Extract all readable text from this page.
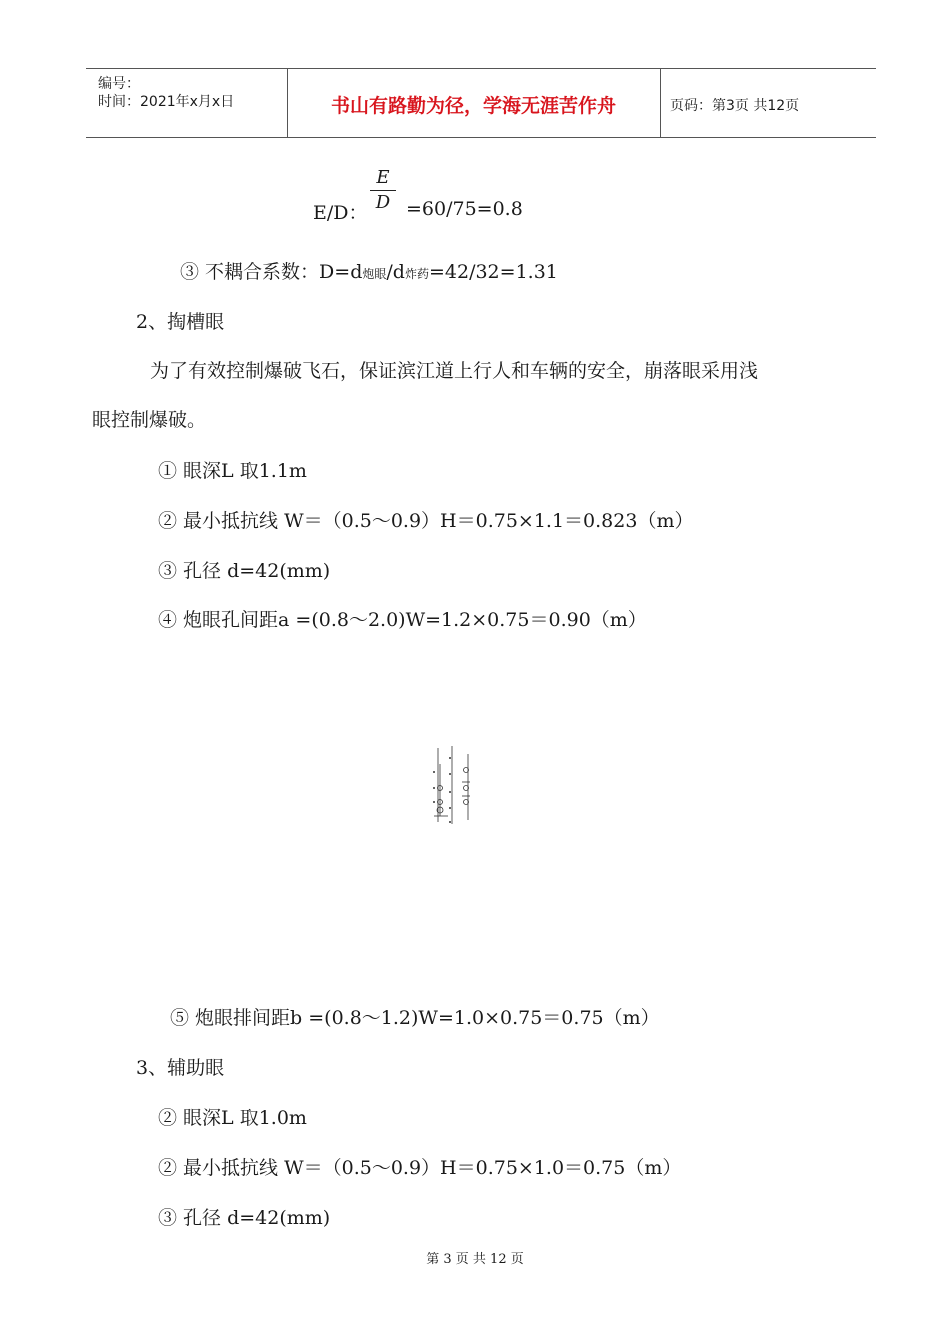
编号：
时间：2021年x月x日	书山有路勤为径，学海无涯苦作舟	页码：第3页 共12页
E/D：
E
D =60/75=0.8
③ 不耦合系数：D=d炮眼/d炸药=42/32=1.31
2、掏槽眼
为了有效控制爆破飞石，保证滨江道上行人和车辆的安全，崩落眼采用浅
眼控制爆破。
① 眼深L 取1.1m
② 最小抵抗线 W＝（0.5～0.9）H＝0.75×1.1＝0.823（m）
③ 孔径 d=42(mm)
④ 炮眼孔间距a =(0.8～2.0)W=1.2×0.75＝0.90（m）
⑤ 炮眼排间距b =(0.8～1.2)W=1.0×0.75＝0.75（m）
3、辅助眼
② 眼深L 取1.0m
② 最小抵抗线 W＝（0.5～0.9）H＝0.75×1.0＝0.75（m）
③ 孔径 d=42(mm)
第 3 页 共 12 页
